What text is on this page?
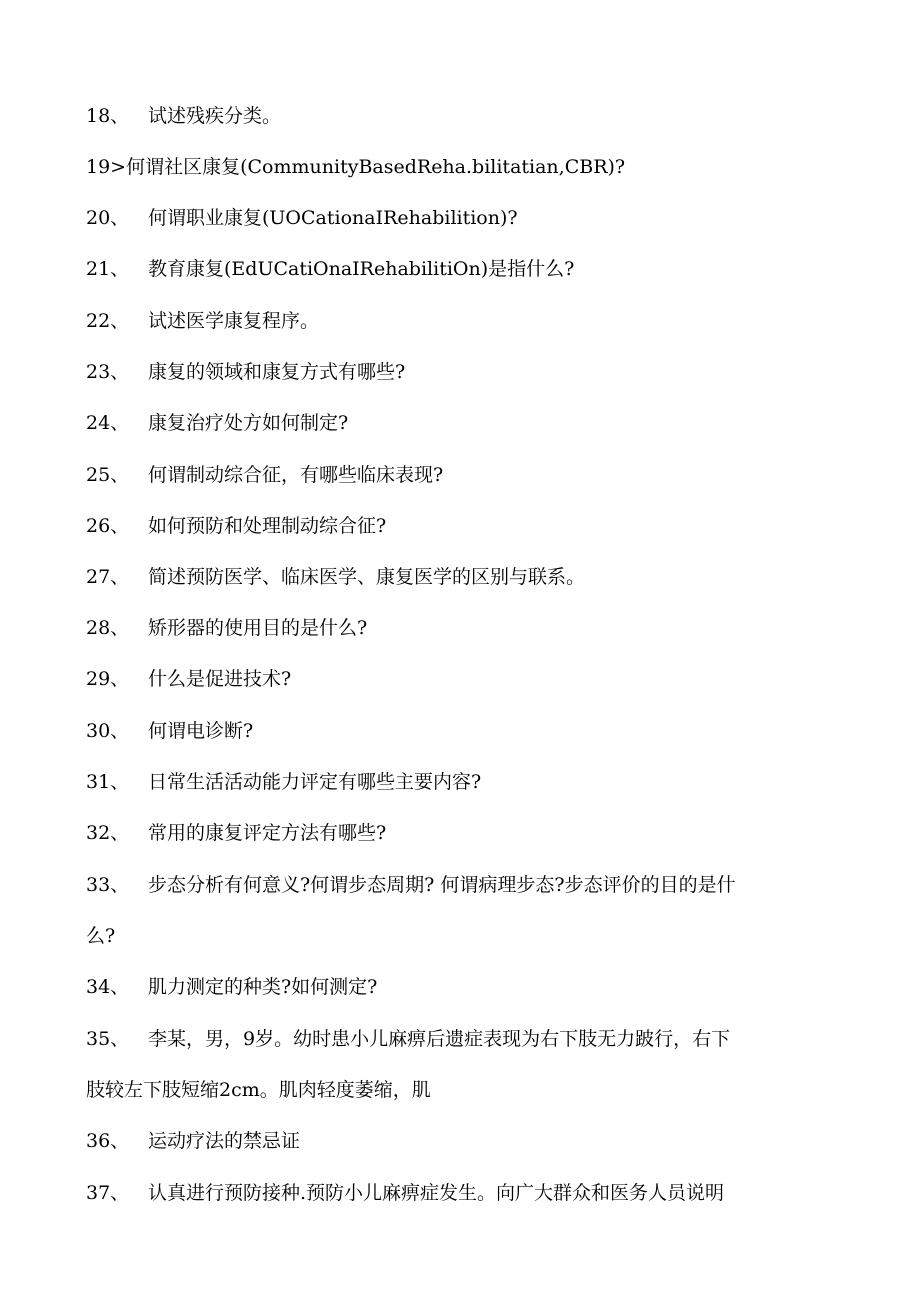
18、 试述残疾分类。
19>何谓社区康复(CommunityBasedReha.bilitatian,CBR)?
20、 何谓职业康复(UOCationaIRehabilition)?
21、 教育康复(EdUCatiOnaIRehabilitiOn)是指什么?
22、 试述医学康复程序。
23、 康复的领域和康复方式有哪些?
24、 康复治疗处方如何制定?
25、 何谓制动综合征，有哪些临床表现?
26、 如何预防和处理制动综合征?
27、 简述预防医学、临床医学、康复医学的区别与联系。
28、 矫形器的使用目的是什么?
29、 什么是促进技术?
30、 何谓电诊断?
31、 日常生活活动能力评定有哪些主要内容?
32、 常用的康复评定方法有哪些?
33、 步态分析有何意义?何谓步态周期? 何谓病理步态?步态评价的目的是什
么?
34、 肌力测定的种类?如何测定?
35、 李某，男，9岁。幼时患小儿麻痹后遗症表现为右下肢无力跛行，右下
肢较左下肢短缩2cm。肌肉轻度萎缩，肌
36、 运动疗法的禁忌证
37、 认真进行预防接种.预防小儿麻痹症发生。向广大群众和医务人员说明
